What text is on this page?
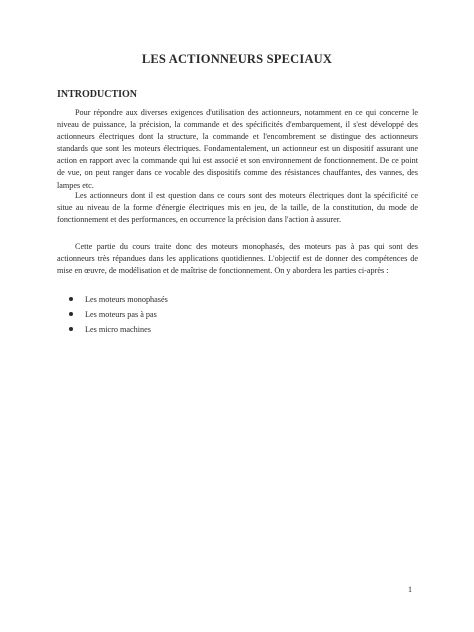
LES ACTIONNEURS SPECIAUX
INTRODUCTION

Pour répondre aux diverses exigences d'utilisation des actionneurs, notamment en ce qui concerne le niveau de puissance, la précision, la commande et des spécificités d'embarquement, il s'est développé des actionneurs électriques dont la structure, la commande et l'encombrement se distingue des actionneurs standards que sont les moteurs électriques. Fondamentalement, un actionneur est un dispositif assurant une action en rapport avec la commande qui lui est associé et son environnement de fonctionnement. De ce point de vue, on peut ranger dans ce vocable des dispositifs comme des résistances chauffantes, des vannes, des lampes etc.

Les actionneurs dont il est question dans ce cours sont des moteurs électriques dont la spécificité ce situe au niveau de la forme d'énergie électriques mis en jeu, de la taille, de la constitution, du mode de fonctionnement et des performances, en occurrence la précision dans l'action à assurer.

Cette partie du cours traite donc des moteurs monophasés, des moteurs pas à pas qui sont des actionneurs très répandues dans les applications quotidiennes. L'objectif est de donner des compétences de mise en œuvre, de modélisation et de maîtrise de fonctionnement. On y abordera les parties ci-après :

Les moteurs monophasés
Les moteurs pas à pas
Les micro machines

1
